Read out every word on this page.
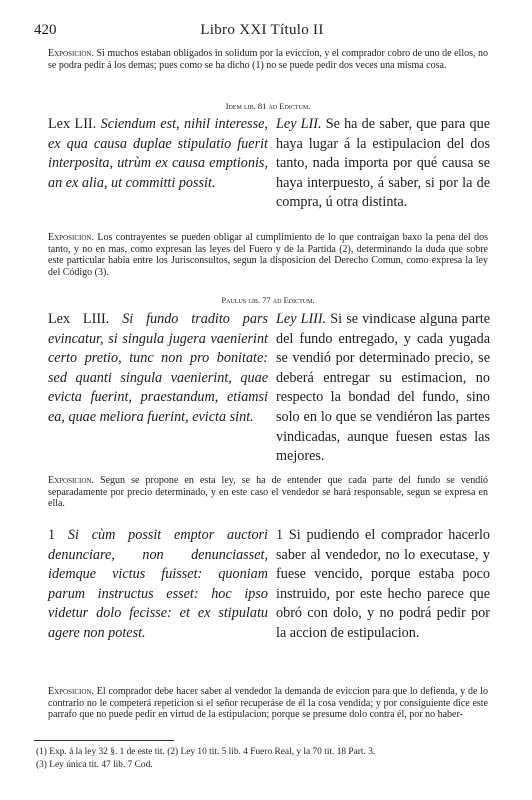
420	Libro XXI Título II
Exposicion. Si muchos estaban obligados in solidum por la eviccion, y el comprador cobro de uno de ellos, no se podra pedir á los demas; pues como se ha dicho (1) no se puede pedir dos veces una misma cosa.
Idem lib. 81 ad Edictum.
Lex LII. Sciendum est, nihil interesse, ex qua causa duplae stipulatio fuerit interposita, utrùm ex causa emptionis, an ex alia, ut committi possit.
Ley LII. Se ha de saber, que para que haya lugar á la estipulacion del dos tanto, nada importa por qué causa se haya interpuesto, á saber, si por la de compra, ú otra distinta.
Exposicion. Los contrayentes se pueden obligar al cumplimiento de lo que contraigan baxo la pena del dos tanto, y no en mas, como expresan las leyes del Fuero y de la Partida (2), determinando la duda que sobre este particular habia entre los Jurisconsultos, segun la disposicion del Derecho Comun, como expresa la ley del Código (3).
Paulus lib. 77 ad Edictum.
Lex LIII. Si fundo tradito pars evincatur, si singula jugera vaenierint certo pretio, tunc non pro bonitate: sed quanti singula vaenierint, quae evicta fuerint, praestandum, etiamsi ea, quae meliora fuerint, evicta sint.
Ley LIII. Si se vindicase alguna parte del fundo entregado, y cada yugada se vendió por determinado precio, se deberá entregar su estimacion, no respecto la bondad del fundo, sino solo en lo que se vendiéron las partes vindicadas, aunque fuesen estas las mejores.
Exposicion. Segun se propone en esta ley, se ha de entender que cada parte del fundo se vendió separadamente por precio determinado, y en este caso el vendedor se hará responsable, segun se expresa en ella.
1 Si cùm possit emptor auctori denunciare, non denunciasset, idemque victus fuisset: quoniam parum instructus esset: hoc ipso videtur dolo fecisse: et ex stipulatu agere non potest.
1 Si pudiendo el comprador hacerlo saber al vendedor, no lo executase, y fuese vencido, porque estaba poco instruido, por este hecho parece que obró con dolo, y no podrá pedir por la accion de estipulacion.
Exposicion. El comprador debe hacer saber al vendedor la demanda de eviccion para que lo defienda, y de lo contrario no le competerá repeticion si el señor recuperáse de él la cosa vendida; y por consiguiente dice este parrafo que no puede pedir en virtud de la estipulacion; porque se presume dolo contra él, por no haber-
(1) Exp. á la ley 32 §. 1 de este tit. (2) Ley 10 tit. 5 lib. 4 Fuero Real, y la 70 tit. 18 Part. 3.
(3) Ley única tit. 47 lib. 7 Cod.
